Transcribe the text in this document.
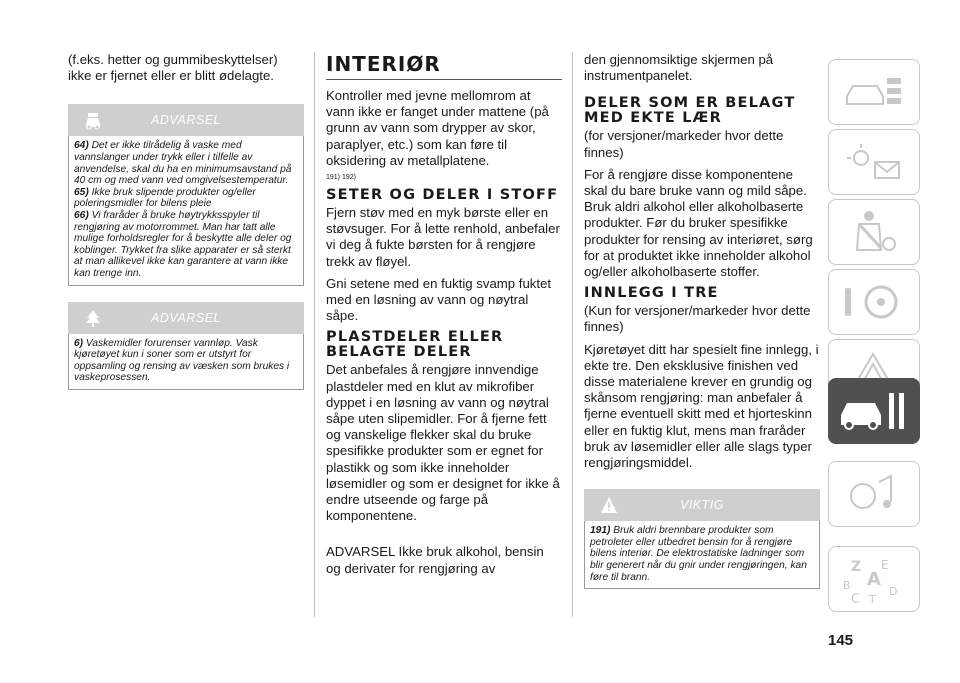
(f.eks. hetter og gummibeskyttelser) ikke er fjernet eller er blitt ødelagte.

ADVARSEL

64) Det er ikke tilrådelig å vaske med vannslanger under trykk eller i tilfelle av anvendelse, skal du ha en minimumsavstand på 40 cm og med vann ved omgivelsestemperatur.

65) Ikke bruk slipende produkter og/eller poleringsmidler for bilens pleie

66) Vi fraråder å bruke høytrykksspyler til rengjøring av motorrommet. Man har tatt alle mulige forholdsregler for å beskytte alle deler og koblinger. Trykket fra slike apparater er så sterkt at man allikevel ikke kan garantere at vann ikke kan trenge inn.

ADVARSEL

6) Vaskemidler forurenser vannløp. Vask kjøretøyet kun i soner som er utstyrt for oppsamling og rensing av væsken som brukes i vaskeprosessen.

INTERIØR

Kontroller med jevne mellomrom at vann ikke er fanget under mattene (på grunn av vann som drypper av skor, paraplyer, etc.) som kan føre til oksidering av metallplatene.

191) 192)
SETER OG DELER I STOFF

Fjern støv med en myk børste eller en støvsuger. For å lette renhold, anbefaler vi deg å fukte børsten for å rengjøre trekk av fløyel.

Gni setene med en fuktig svamp fuktet med en løsning av vann og nøytral såpe.

PLASTDELER ELLER BELAGTE DELER

Det anbefales å rengjøre innvendige plastdeler med en klut av mikrofiber dyppet i en løsning av vann og nøytral såpe uten slipemidler. For å fjerne fett og vanskelige flekker skal du bruke spesifikke produkter som er egnet for plastikk og som ikke inneholder løsemidler og som er designet for ikke å endre utseende og farge på komponentene.

ADVARSEL Ikke bruk alkohol, bensin og derivater for rengjøring av

den gjennomsiktige skjermen på instrumentpanelet.

DELER SOM ER BELAGT MED EKTE LÆR

(for versjoner/markeder hvor dette finnes)

For å rengjøre disse komponentene skal du bare bruke vann og mild såpe. Bruk aldri alkohol eller alkoholbaserte produkter. Før du bruker spesifikke produkter for rensing av interiøret, sørg for at produktet ikke inneholder alkohol og/eller alkoholbaserte stoffer.

INNLEGG I TRE

(Kun for versjoner/markeder hvor dette finnes)

Kjøretøyet ditt har spesielt fine innlegg, i ekte tre. Den eksklusive finishen ved disse materialene krever en grundig og skånsom rengjøring: man anbefaler å fjerne eventuell skitt med et hjorteskinn eller en fuktig klut, mens man fraråder bruk av løsemidler eller alle slags typer rengjøringsmiddel.

VIKTIG

191) Bruk aldri brennbare produkter som petroleter eller utbedret bensin for å rengjøre bilens interiør. De elektrostatiske ladninger som blir generert når du gnir under rengjøringen, kan føre til brann.

Z E
A
B
C T
D
145
